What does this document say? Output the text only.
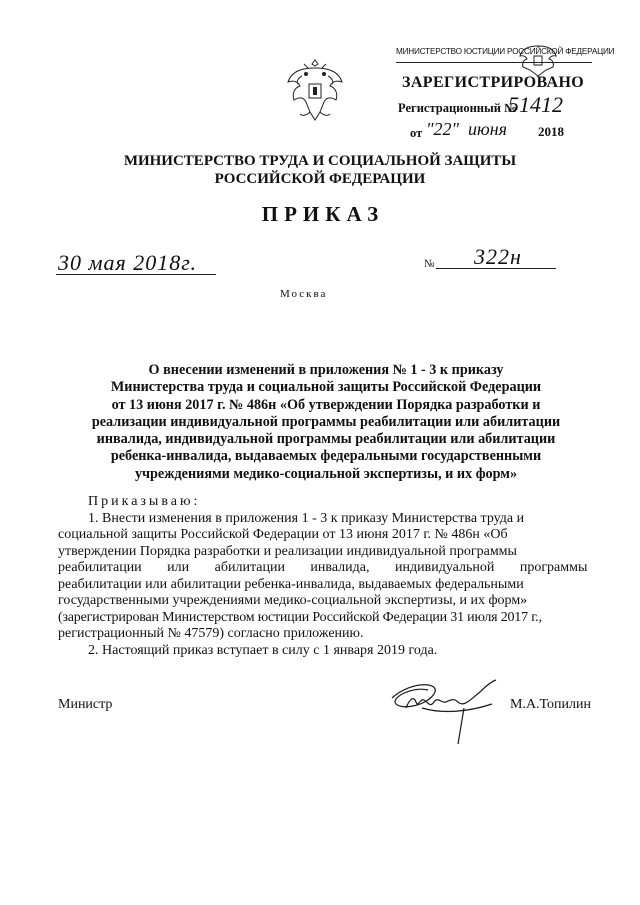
МИНИСТЕРСТВО ЮСТИЦИИ РОССИЙСКОЙ ФЕДЕРАЦИИ
ЗАРЕГИСТРИРОВАНО
Регистрационный №
51412
от "22" июня 2018
МИНИСТЕРСТВО ТРУДА И СОЦИАЛЬНОЙ ЗАЩИТЫ
РОССИЙСКОЙ ФЕДЕРАЦИИ
ПРИКАЗ
30 мая 2018г.	№ 322н
Москва
О внесении изменений в приложения № 1 - 3 к приказу
Министерства труда и социальной защиты Российской Федерации
от 13 июня 2017 г. № 486н «Об утверждении Порядка разработки и
реализации индивидуальной программы реабилитации или абилитации
инвалида, индивидуальной программы реабилитации или абилитации
ребенка-инвалида, выдаваемых федеральными государственными
учреждениями медико-социальной экспертизы, и их форм»
Приказываю:
1. Внести изменения в приложения 1 - 3 к приказу Министерства труда и
социальной защиты Российской Федерации от 13 июня 2017 г. № 486н «Об
утверждении Порядка разработки и реализации индивидуальной программы
реабилитации или абилитации инвалида, индивидуальной программы
реабилитации или абилитации ребенка-инвалида, выдаваемых федеральными
государственными учреждениями медико-социальной экспертизы, и их форм»
(зарегистрирован Министерством юстиции Российской Федерации 31 июля 2017 г.,
регистрационный № 47579) согласно приложению.
2. Настоящий приказ вступает в силу с 1 января 2019 года.
Министр	М.А.Топилин
